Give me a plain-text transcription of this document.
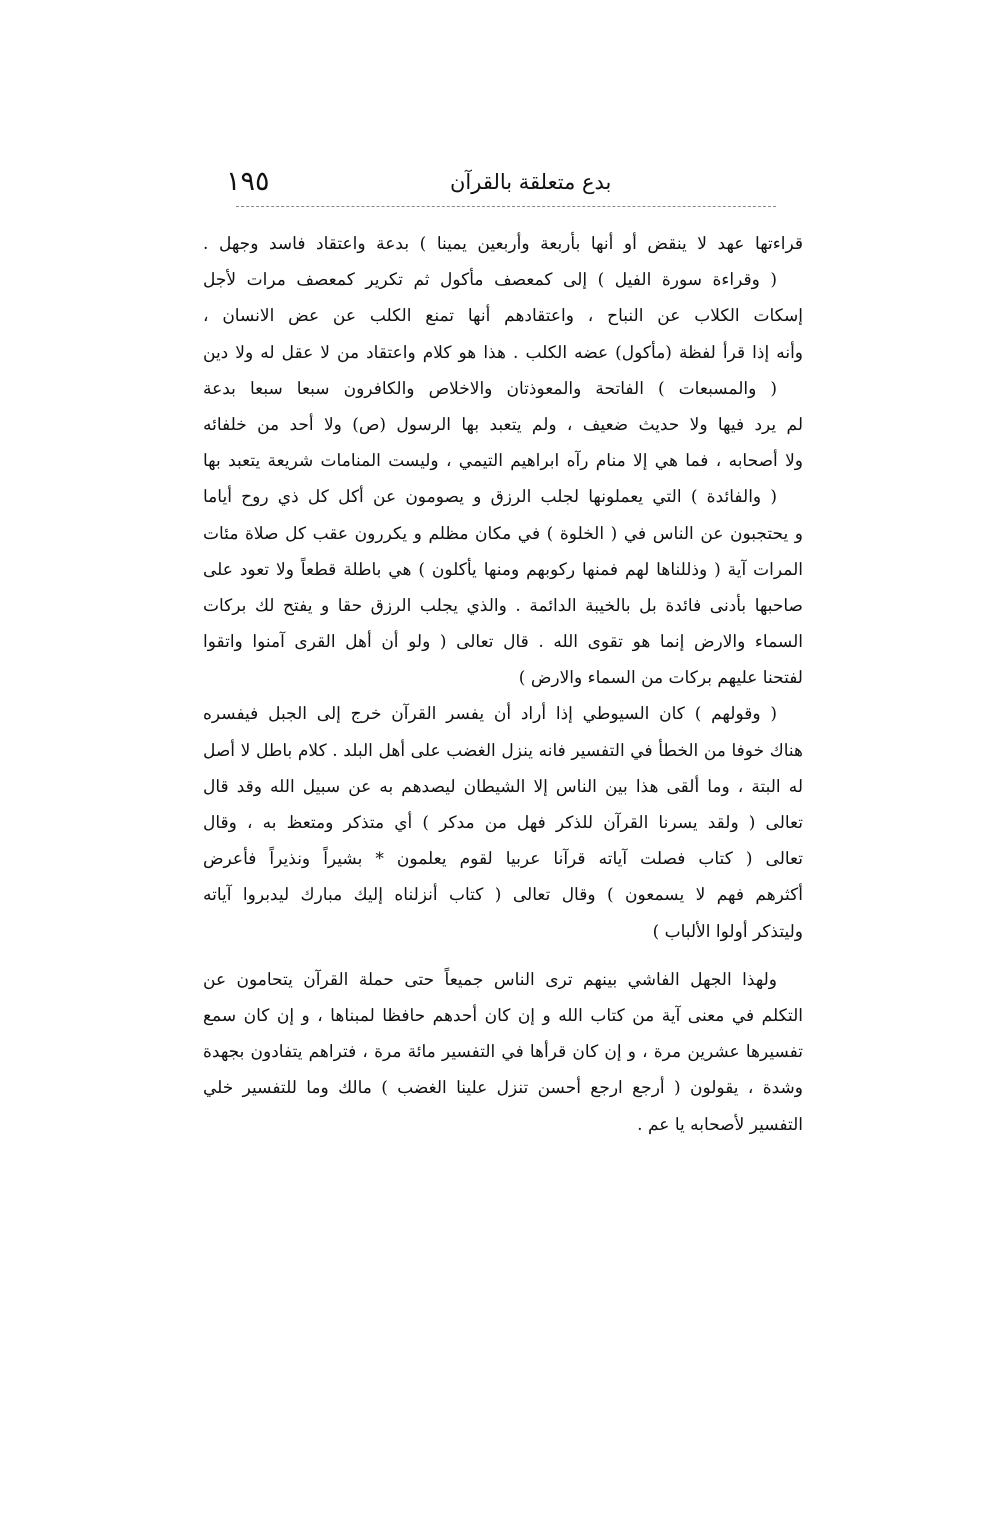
١٩٥	بدع متعلقة بالقرآن
قراءتها عهد لا ينقض أو أنها بأربعة وأربعين يمينا ) بدعة واعتقاد فاسد وجهل .
( وقراءة سورة الفيل ) إلى كمعصف مأكول ثم تكرير كمعصف مرات لأجل
إسكات الكلاب عن النباح ، واعتقادهم أنها تمنع الكلب عن عض الانسان ،
وأنه إذا قرأ لفظة (مأكول) عضه الكلب . هذا هو كلام واعتقاد من لا عقل له ولا دين
( والمسبعات ) الفاتحة والمعوذتان والاخلاص والكافرون سبعا سبعا بدعة
لم يرد فيها ولا حديث ضعيف ، ولم يتعبد بها الرسول (ص) ولا أحد من خلفائه
ولا أصحابه ، فما هي إلا منام رآه ابراهيم التيمي ، وليست المنامات شريعة يتعبد بها
( والفائدة ) التي يعملونها لجلب الرزق و يصومون عن أكل كل ذي روح أياما
و يحتجبون عن الناس في ( الخلوة ) في مكان مظلم و يكررون عقب كل صلاة مئات
المرات آية ( وذللناها لهم فمنها ركوبهم ومنها يأكلون ) هي باطلة قطعاً ولا تعود على
صاحبها بأدنى فائدة بل بالخيبة الدائمة . والذي يجلب الرزق حقا و يفتح لك بركات
السماء والارض إنما هو تقوى الله . قال تعالى ( ولو أن أهل القرى آمنوا واتقوا
لفتحنا عليهم بركات من السماء والارض )
( وقولهم ) كان السيوطي إذا أراد أن يفسر القرآن خرج إلى الجبل فيفسره
هناك خوفا من الخطأ في التفسير فانه ينزل الغضب على أهل البلد . كلام باطل لا أصل
له البتة ، وما ألقى هذا بين الناس إلا الشيطان ليصدهم به عن سبيل الله وقد قال
تعالى ( ولقد يسرنا القرآن للذكر فهل من مدكر ) أي متذكر ومتعظ به ، وقال
تعالى ( كتاب فصلت آياته قرآنا عربيا لقوم يعلمون * بشيراً ونذيراً فأعرض
أكثرهم فهم لا يسمعون ) وقال تعالى ( كتاب أنزلناه إليك مبارك ليدبروا آياته
وليتذكر أولوا الألباب )
ولهذا الجهل الفاشي بينهم ترى الناس جميعاً حتى حملة القرآن يتحامون عن
التكلم في معنى آية من كتاب الله و إن كان أحدهم حافظا لمبناها ، و إن كان سمع
تفسيرها عشرين مرة ، و إن كان قرأها في التفسير مائة مرة ، فتراهم يتفادون بجهدة
وشدة ، يقولون ( أرجع ارجع أحسن تنزل علينا الغضب ) مالك وما للتفسير خلي
التفسير لأصحابه يا عم .
